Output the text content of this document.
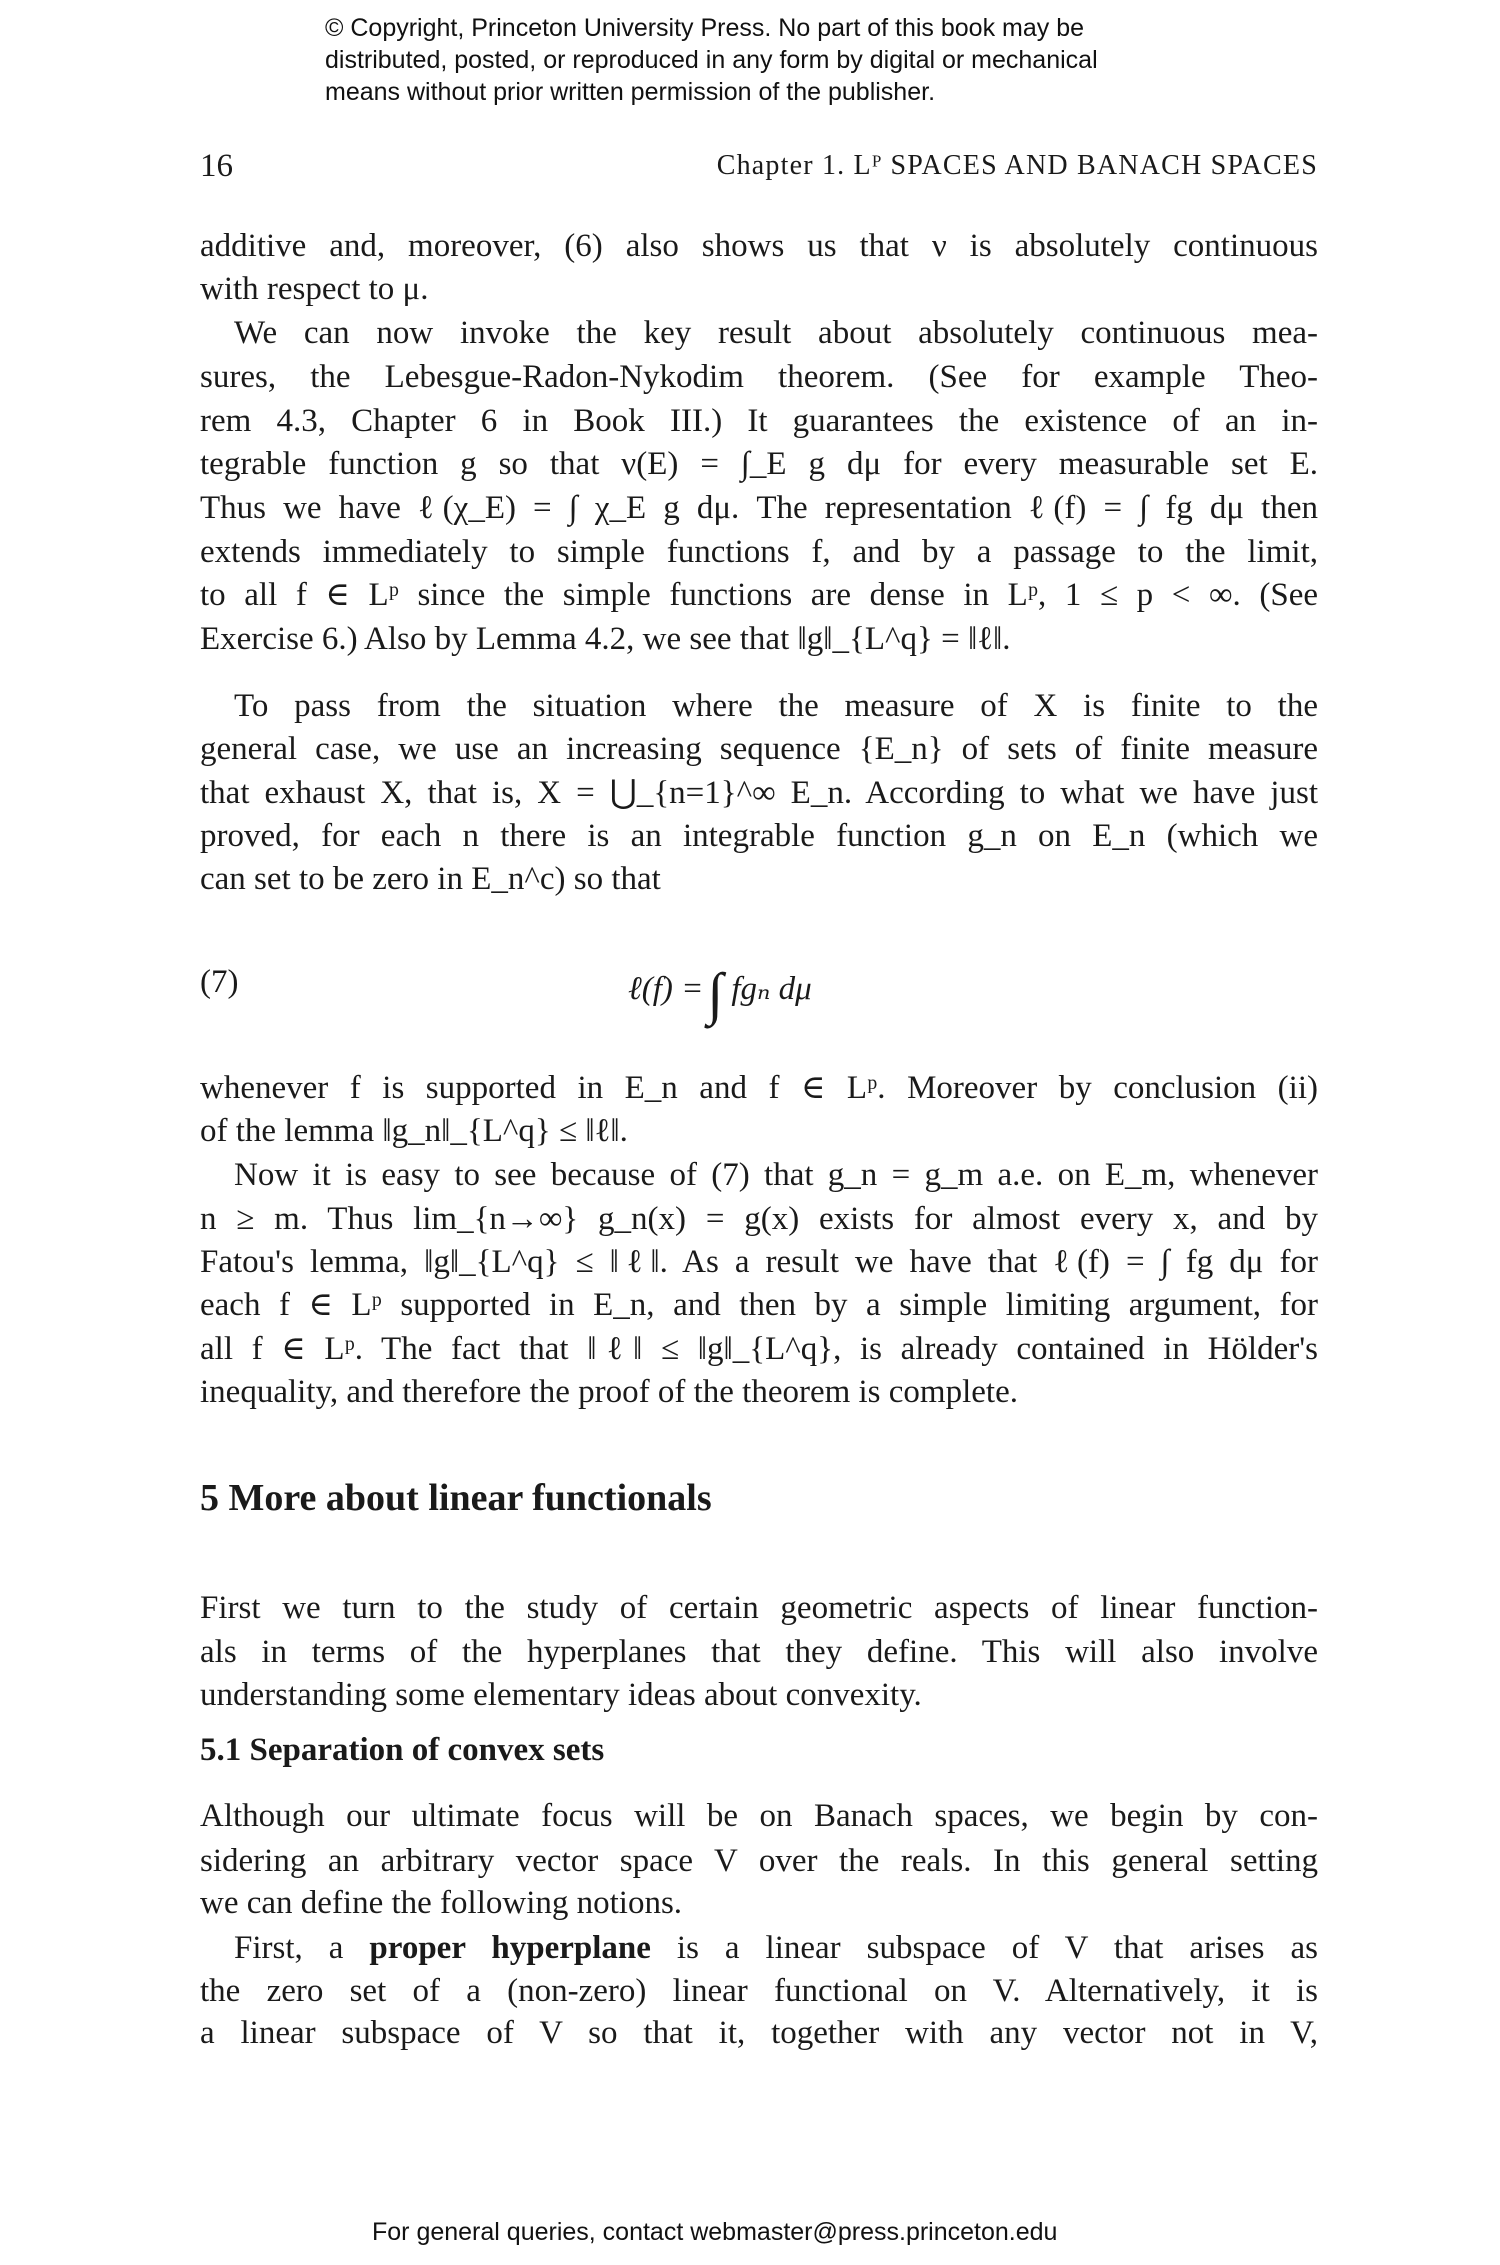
© Copyright, Princeton University Press. No part of this book may be
distributed, posted, or reproduced in any form by digital or mechanical
means without prior written permission of the publisher.
16	Chapter 1. Lᴾ SPACES AND BANACH SPACES
additive and, moreover, (6) also shows us that ν is absolutely continuous
with respect to μ.
We can now invoke the key result about absolutely continuous mea-
sures, the Lebesgue-Radon-Nykodim theorem. (See for example Theo-
rem 4.3, Chapter 6 in Book III.) It guarantees the existence of an in-
tegrable function g so that ν(E) = ∫_E g dμ for every measurable set E.
Thus we have ℓ(χ_E) = ∫ χ_E g dμ. The representation ℓ(f) = ∫ fg dμ then
extends immediately to simple functions f, and by a passage to the limit,
to all f ∈ Lᵖ since the simple functions are dense in Lᵖ, 1 ≤ p < ∞. (See
Exercise 6.) Also by Lemma 4.2, we see that ‖g‖_{L^q} = ‖ℓ‖.
To pass from the situation where the measure of X is finite to the
general case, we use an increasing sequence {E_n} of sets of finite measure
that exhaust X, that is, X = ⋃_{n=1}^∞ E_n. According to what we have just
proved, for each n there is an integrable function g_n on E_n (which we
can set to be zero in E_n^c) so that
(7)	ℓ(f) =∫ fgₙ dμ
whenever f is supported in E_n and f ∈ Lᵖ. Moreover by conclusion (ii)
of the lemma ‖g_n‖_{L^q} ≤ ‖ℓ‖.
Now it is easy to see because of (7) that g_n = g_m a.e. on E_m, whenever
n ≥ m. Thus lim_{n→∞} g_n(x) = g(x) exists for almost every x, and by
Fatou's lemma, ‖g‖_{L^q} ≤ ‖ℓ‖. As a result we have that ℓ(f) = ∫ fg dμ for
each f ∈ Lᵖ supported in E_n, and then by a simple limiting argument, for
all f ∈ Lᵖ. The fact that ‖ℓ‖ ≤ ‖g‖_{L^q}, is already contained in Hölder's
inequality, and therefore the proof of the theorem is complete.
5 More about linear functionals
First we turn to the study of certain geometric aspects of linear function-
als in terms of the hyperplanes that they define. This will also involve
understanding some elementary ideas about convexity.
5.1 Separation of convex sets
Although our ultimate focus will be on Banach spaces, we begin by con-
sidering an arbitrary vector space V over the reals. In this general setting
we can define the following notions.
First, a proper hyperplane is a linear subspace of V that arises as
the zero set of a (non-zero) linear functional on V. Alternatively, it is
a linear subspace of V so that it, together with any vector not in V,
For general queries, contact webmaster@press.princeton.edu
